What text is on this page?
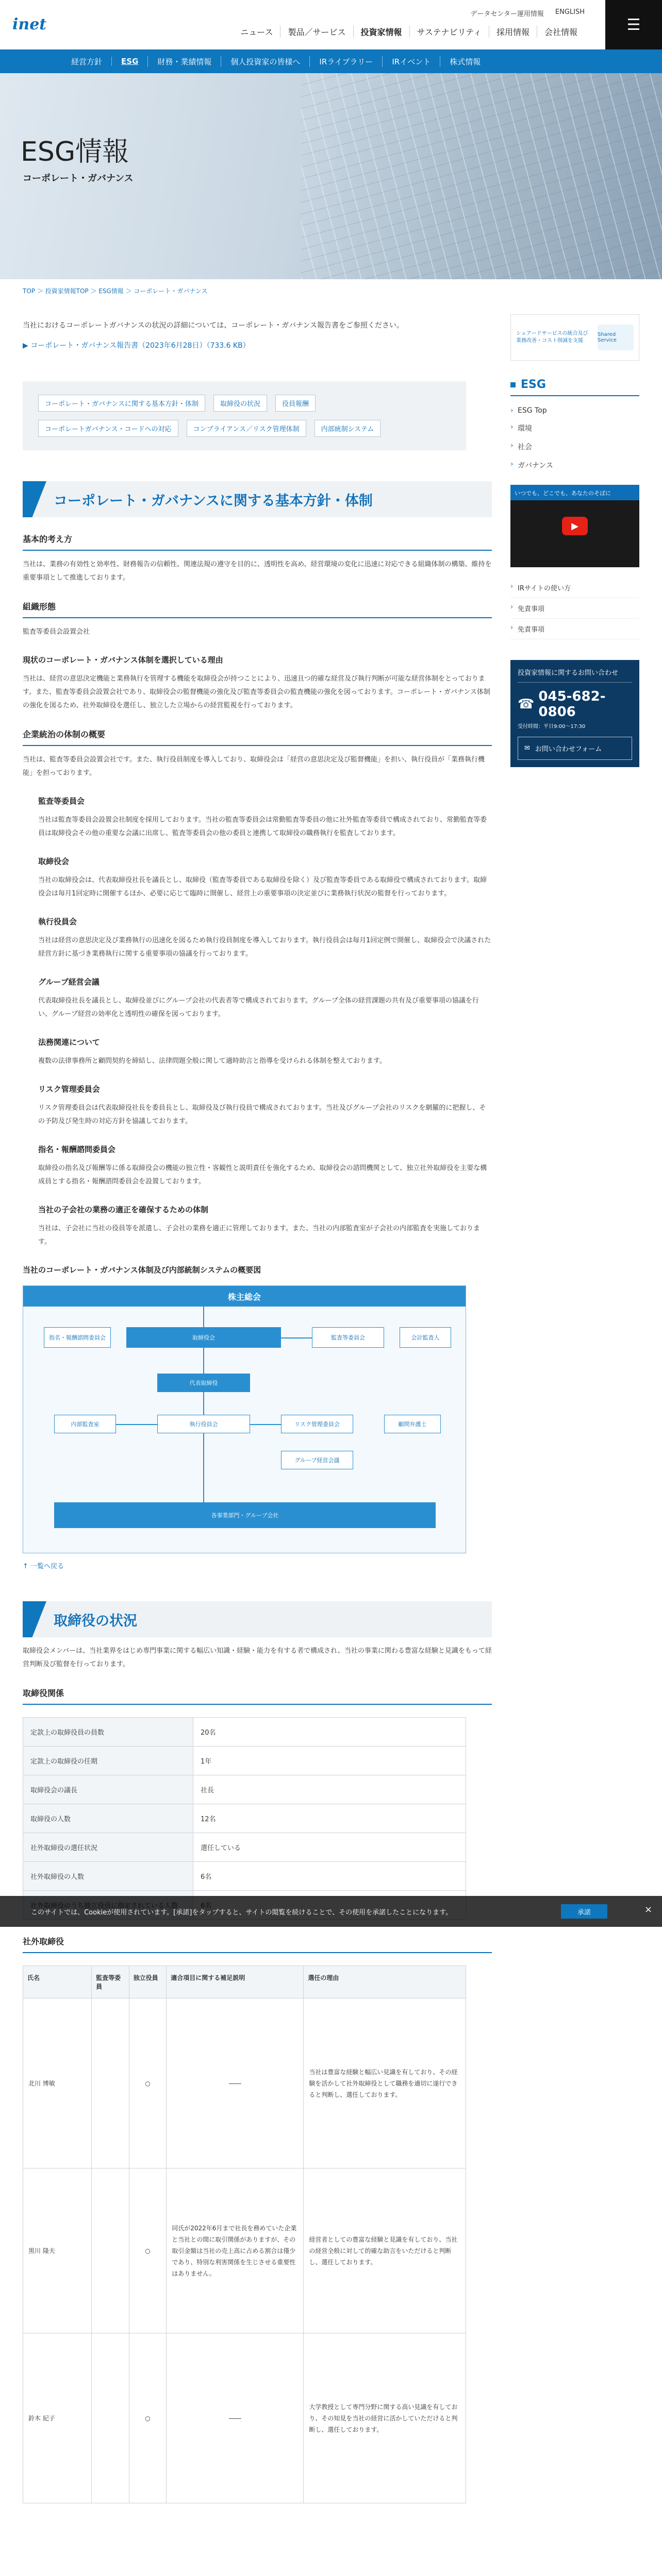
inet
データセンター運用情報 ENGLISH
ニュース	製品／サービス	投資家情報	サステナビリティ	採用情報	会社情報	☰
経営方針	ESG	財務・業績情報	個人投資家の皆様へ	IRライブラリー	IRイベント	株式情報
ESG情報
コーポレート・ガバナンス
TOP ＞ 投資家情報TOP ＞ ESG情報 ＞ コーポレート・ガバナンス

当社におけるコーポレートガバナンスの状況の詳細については、コーポレート・ガバナンス報告書をご参照ください。

▶ コーポレート・ガバナンス報告書（2023年6月28日）（733.6 KB）

コーポレート・ガバナンスに関する基本方針・体制	取締役の状況	役員報酬
コーポレートガバナンス・コードへの対応	コンプライアンス／リスク管理体制	内部統制システム
コーポレート・ガバナンスに関する基本方針・体制
基本的考え方

当社は、業務の有効性と効率性、財務報告の信頼性、関連法規の遵守を目的に、透明性を高め、経営環境の変化に迅速に対応できる組織体制の構築、維持を重要事項として推進しております。

組織形態

監査等委員会設置会社

現状のコーポレート・ガバナンス体制を選択している理由

当社は、経営の意思決定機能と業務執行を管理する機能を取締役会が持つことにより、迅速且つ的確な経営及び執行判断が可能な経営体制をとっております。また、監査等委員会設置会社であり、取締役会の監督機能の強化及び監査等委員会の監査機能の強化を図っております。コーポレート・ガバナンス体制の強化を図るため、社外取締役を選任し、独立した立場からの経営監視を行っております。

企業統治の体制の概要

当社は、監査等委員会設置会社です。また、執行役員制度を導入しており、取締役会は「経営の意思決定及び監督機能」を担い、執行役員が「業務執行機能」を担っております。

監査等委員会

当社は監査等委員会設置会社制度を採用しております。当社の監査等委員会は常勤監査等委員の他に社外監査等委員で構成されており、常勤監査等委員は取締役会その他の重要な会議に出席し、監査等委員会の他の委員と連携して取締役の職務執行を監査しております。

取締役会

当社の取締役会は、代表取締役社長を議長とし、取締役（監査等委員である取締役を除く）及び監査等委員である取締役で構成されております。取締役会は毎月1回定時に開催するほか、必要に応じて臨時に開催し、経営上の重要事項の決定並びに業務執行状況の監督を行っております。

執行役員会

当社は経営の意思決定及び業務執行の迅速化を図るため執行役員制度を導入しております。執行役員会は毎月1回定例で開催し、取締役会で決議された経営方針に基づき業務執行に関する重要事項の協議を行っております。

グループ経営会議

代表取締役社長を議長とし、取締役並びにグループ会社の代表者等で構成されております。グループ全体の経営課題の共有及び重要事項の協議を行い、グループ経営の効率化と透明性の確保を図っております。

法務関連について

複数の法律事務所と顧問契約を締結し、法律問題全般に関して適時助言と指導を受けられる体制を整えております。

リスク管理委員会

リスク管理委員会は代表取締役社長を委員長とし、取締役及び執行役員で構成されております。当社及びグループ会社のリスクを網羅的に把握し、その予防及び発生時の対応方針を協議しております。

指名・報酬諮問委員会

取締役の指名及び報酬等に係る取締役会の機能の独立性・客観性と説明責任を強化するため、取締役会の諮問機関として、独立社外取締役を主要な構成員とする指名・報酬諮問委員会を設置しております。

当社の子会社の業務の適正を確保するための体制

当社は、子会社に当社の役員等を派遣し、子会社の業務を適正に管理しております。また、当社の内部監査室が子会社の内部監査を実施しております。

当社のコーポレート・ガバナンス体制及び内部統制システムの概要図
株主総会
取締役会	監査等委員会
代表取締役
執行役員会
内部監査室
会計監査人
指名・報酬諮問委員会
リスク管理委員会
グループ経営会議
各事業部門・グループ会社
顧問弁護士

↑ 一覧へ戻る

取締役の状況

取締役会メンバーは、当社業界をはじめ専門事業に関する幅広い知識・経験・能力を有する者で構成され、当社の事業に関わる豊富な経験と見識をもって経営判断及び監督を行っております。

取締役関係
定款上の取締役員の員数	20名
定款上の取締役の任期	1年
取締役会の議長	社長
取締役の人数	12名
社外取締役の選任状況	選任している
社外取締役の人数	6名

社外取締役
氏名	監査等委員	独立役員	適合項目に関する補足説明	選任の理由
北川 博敏		○	――	当社は豊富な経験と幅広い見識を有しており、その経験を活かして社外取締役として職務を適切に遂行できると判断し、選任しております。
黒川 隆夫		○	同氏が2022年6月まで社長を務めていた企業と当社との間に取引関係がありますが、その取引金額は当社の売上高に占める割合は僅少であり、特別な利害関係を生じさせる重要性はありません。	経営者としての豊富な経験と見識を有しており、当社の経営全般に対して的確な助言をいただけると判断し、選任しております。
鈴木 紀子		○	――	大学教授として専門分野に関する高い見識を有しており、その知見を当社の経営に活かしていただけると判断し、選任しております。
シェアードサービスの統合及び業務改善・コスト削減を支援
Shared Service
ESG
› ESG Top
› 環境
› 社会
› ガバナンス
いつでも、どこでも、あなたのそばに
▶
› IRサイトの使い方
› 免責事項
› 免責事項
投資家情報に関するお問い合わせ
☎ 045-682-0806
受付時間：平日9:00〜17:30
✉ お問い合わせフォーム
このサイトでは、Cookieが使用されています。[承諾]をタップすると、サイトの閲覧を続けることで、その使用を承諾したことになります。	承諾	×
